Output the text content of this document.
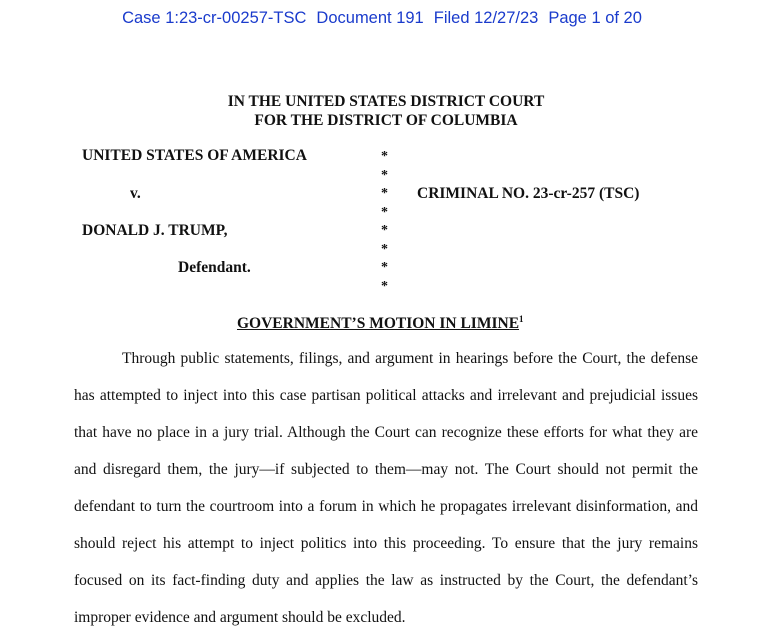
Case 1:23-cr-00257-TSC Document 191 Filed 12/27/23 Page 1 of 20
IN THE UNITED STATES DISTRICT COURT
FOR THE DISTRICT OF COLUMBIA
UNITED STATES OF AMERICA
v.
DONALD J. TRUMP,
Defendant.
*
*
*
*
*
*
*
*
CRIMINAL NO. 23-cr-257 (TSC)
GOVERNMENT’S MOTION IN LIMINE$^1$
Through public statements, filings, and argument in hearings before the Court, the defense
has attempted to inject into this case partisan political attacks and irrelevant and prejudicial issues
that have no place in a jury trial. Although the Court can recognize these efforts for what they are
and disregard them, the jury—if subjected to them—may not. The Court should not permit the
defendant to turn the courtroom into a forum in which he propagates irrelevant disinformation, and
should reject his attempt to inject politics into this proceeding. To ensure that the jury remains
focused on its fact-finding duty and applies the law as instructed by the Court, the defendant’s
improper evidence and argument should be excluded.
